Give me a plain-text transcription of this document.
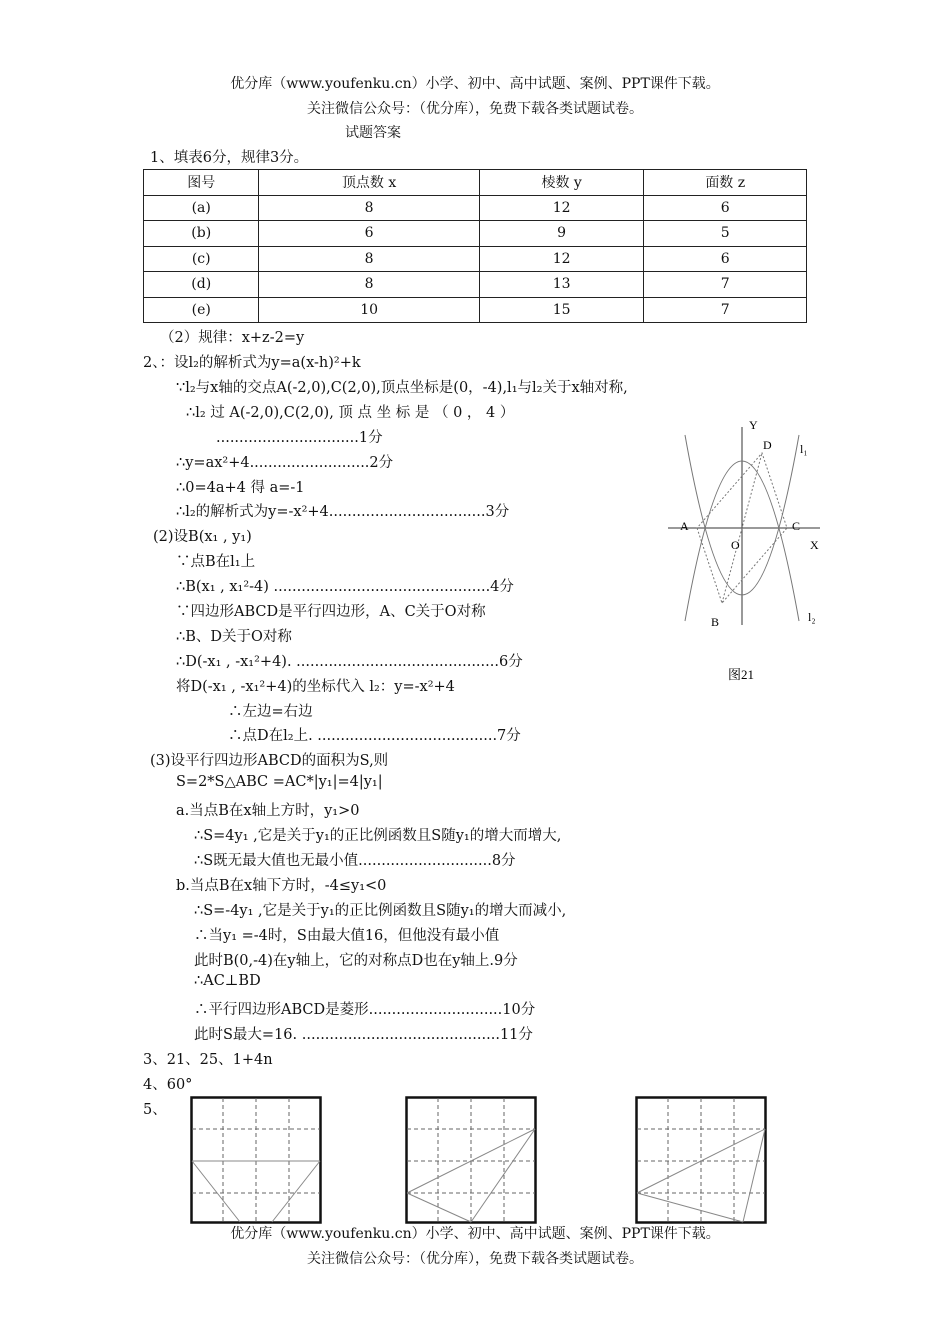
优分库（www.youfenku.cn）小学、初中、高中试题、案例、PPT课件下载。
关注微信公众号：（优分库），免费下载各类试题试卷。
试题答案
1、填表6分，规律3分。
图号	顶点数 x	棱数 y	面数 z
(a)	8	12	6
(b)	6	9	5
(c)	8	12	6
(d)	8	13	7
(e)	10	15	7
（2）规律：x+z-2=y
2、：设l₂的解析式为y=a(x-h)²+k
∵l₂与x轴的交点A(-2,0),C(2,0),顶点坐标是(0，-4),l₁与l₂关于x轴对称,
∴l₂ 过 A(-2,0),C(2,0), 顶 点 坐 标 是 （ 0 ， 4 ）
...............................1分
∴y=ax²+4..........................2分
∴0=4a+4 得 a=-1
∴l₂的解析式为y=-x²+4..................................3分
(2)设B(x₁ , y₁)
∵点B在l₁上
∴B(x₁ , x₁²-4) ...............................................4分
∵四边形ABCD是平行四边形，A、C关于O对称
∴B、D关于O对称
∴D(-x₁ , -x₁²+4). ............................................6分
将D(-x₁ , -x₁²+4)的坐标代入 l₂：y=-x²+4
∴左边=右边
∴点D在l₂上. .......................................7分
(3)设平行四边形ABCD的面积为S,则
S=2*S△ABC =AC*|y₁|=4|y₁|
a.当点B在x轴上方时，y₁>0
∴S=4y₁ ,它是关于y₁的正比例函数且S随y₁的增大而增大,
∴S既无最大值也无最小值.............................8分
b.当点B在x轴下方时，-4≤y₁<0
∴S=-4y₁ ,它是关于y₁的正比例函数且S随y₁的增大而减小,
∴当y₁ =-4时，S由最大值16，但他没有最小值
此时B(0,-4)在y轴上，它的对称点D也在y轴上.9分
∴AC⊥BD
∴平行四边形ABCD是菱形.............................10分
此时S最大=16. ...........................................11分
3、21、25、1+4n
4、60°
5、
Y
D l₁
A	C
O	X
B	l₂
图21
优分库（www.youfenku.cn）小学、初中、高中试题、案例、PPT课件下载。
关注微信公众号：（优分库），免费下载各类试题试卷。
